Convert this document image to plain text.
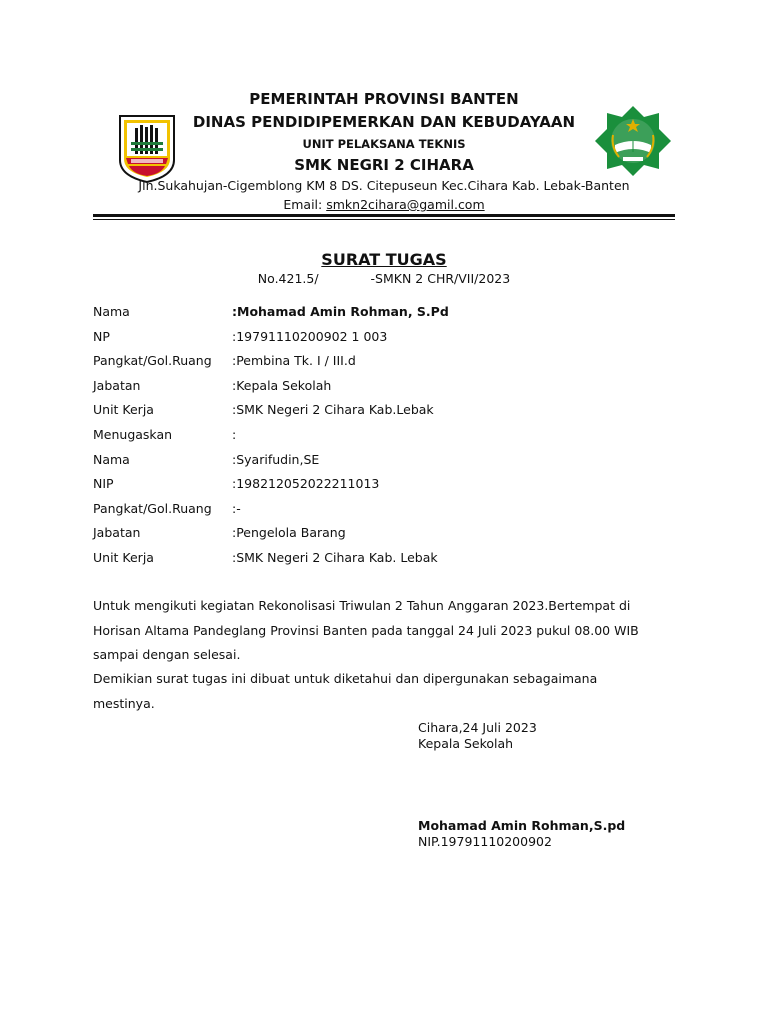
PEMERINTAH PROVINSI BANTEN
DINAS PENDIDIPEMERKAN DAN KEBUDAYAAN
UNIT PELAKSANA TEKNIS
SMK NEGRI 2 CIHARA
Jln.Sukahujan-Cigemblong KM 8 DS. Citepuseun Kec.Cihara Kab. Lebak-Banten
Email: smkn2cihara@gamil.com
SURAT TUGAS
No.421.5/	-SMKN 2 CHR/VII/2023
Nama	:Mohamad Amin Rohman, S.Pd
NP	:19791110200902 1 003
Pangkat/Gol.Ruang :Pembina Tk. I / III.d
Jabatan	:Kepala Sekolah
Unit Kerja	:SMK Negeri 2 Cihara Kab.Lebak
Menugaskan	:
Nama	:Syarifudin,SE
NIP	:198212052022211013
Pangkat/Gol.Ruang :-
Jabatan	:Pengelola Barang
Unit Kerja	:SMK Negeri 2 Cihara Kab. Lebak
Untuk mengikuti kegiatan Rekonolisasi Triwulan 2 Tahun Anggaran 2023.Bertempat di Horisan Altama Pandeglang Provinsi Banten pada tanggal 24 Juli 2023 pukul 08.00 WIB sampai dengan selesai.
Demikian surat tugas ini dibuat untuk diketahui dan dipergunakan sebagaimana mestinya.
Cihara,24 Juli 2023
Kepala Sekolah
Mohamad Amin Rohman,S.pd
NIP.19791110200902
